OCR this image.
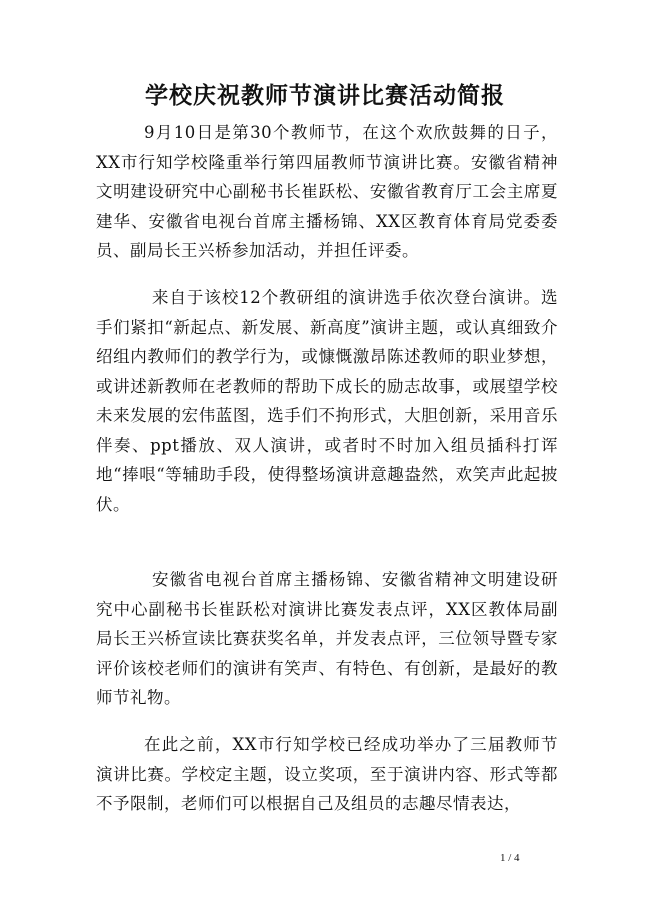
学校庆祝教师节演讲比赛活动简报

9月10日是第30个教师节，在这个欢欣鼓舞的日子，XX市行知学校隆重举行第四届教师节演讲比赛。安徽省精神文明建设研究中心副秘书长崔跃松、安徽省教育厅工会主席夏建华、安徽省电视台首席主播杨锦、XX区教育体育局党委委员、副局长王兴桥参加活动，并担任评委。

来自于该校12个教研组的演讲选手依次登台演讲。选手们紧扣“新起点、新发展、新高度”演讲主题，或认真细致介绍组内教师们的教学行为，或慷慨激昂陈述教师的职业梦想，或讲述新教师在老教师的帮助下成长的励志故事，或展望学校未来发展的宏伟蓝图，选手们不拘形式，大胆创新，采用音乐伴奏、ppt播放、双人演讲，或者时不时加入组员插科打诨地“捧哏“等辅助手段，使得整场演讲意趣盎然，欢笑声此起披伏。

安徽省电视台首席主播杨锦、安徽省精神文明建设研究中心副秘书长崔跃松对演讲比赛发表点评，XX区教体局副局长王兴桥宣读比赛获奖名单，并发表点评，三位领导暨专家评价该校老师们的演讲有笑声、有特色、有创新，是最好的教师节礼物。

在此之前，XX市行知学校已经成功举办了三届教师节演讲比赛。学校定主题，设立奖项，至于演讲内容、形式等都不予限制，老师们可以根据自己及组员的志趣尽情表达，

1 / 4
